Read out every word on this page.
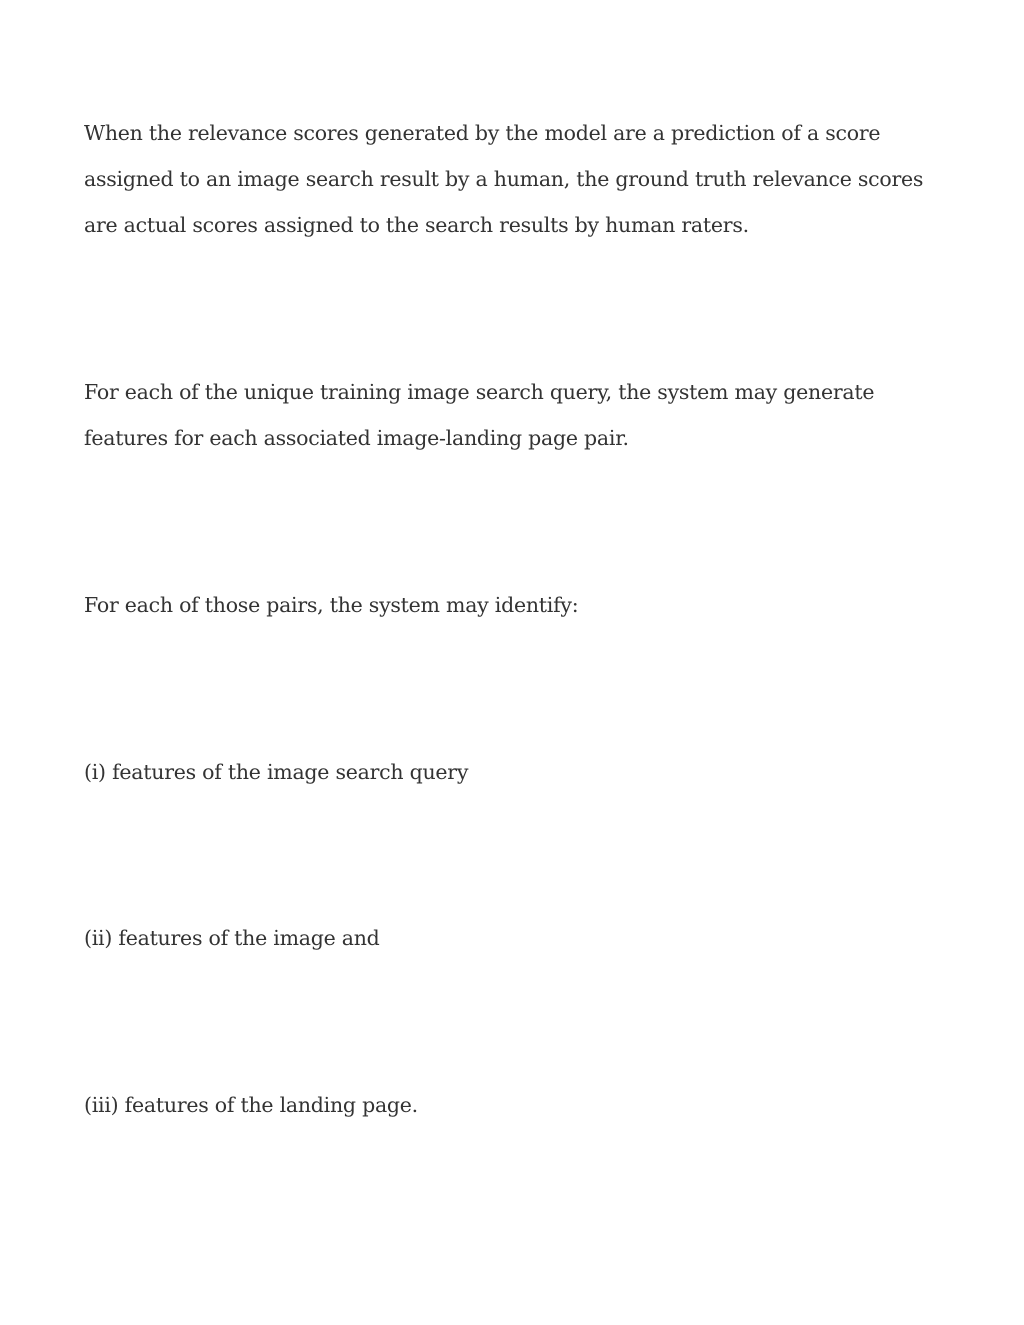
When the relevance scores generated by the model are a prediction of a score assigned to an image search result by a human, the ground truth relevance scores are actual scores assigned to the search results by human raters.

For each of the unique training image search query, the system may generate features for each associated image-landing page pair.

For each of those pairs, the system may identify:

(i) features of the image search query

(ii) features of the image and

(iii) features of the landing page.
